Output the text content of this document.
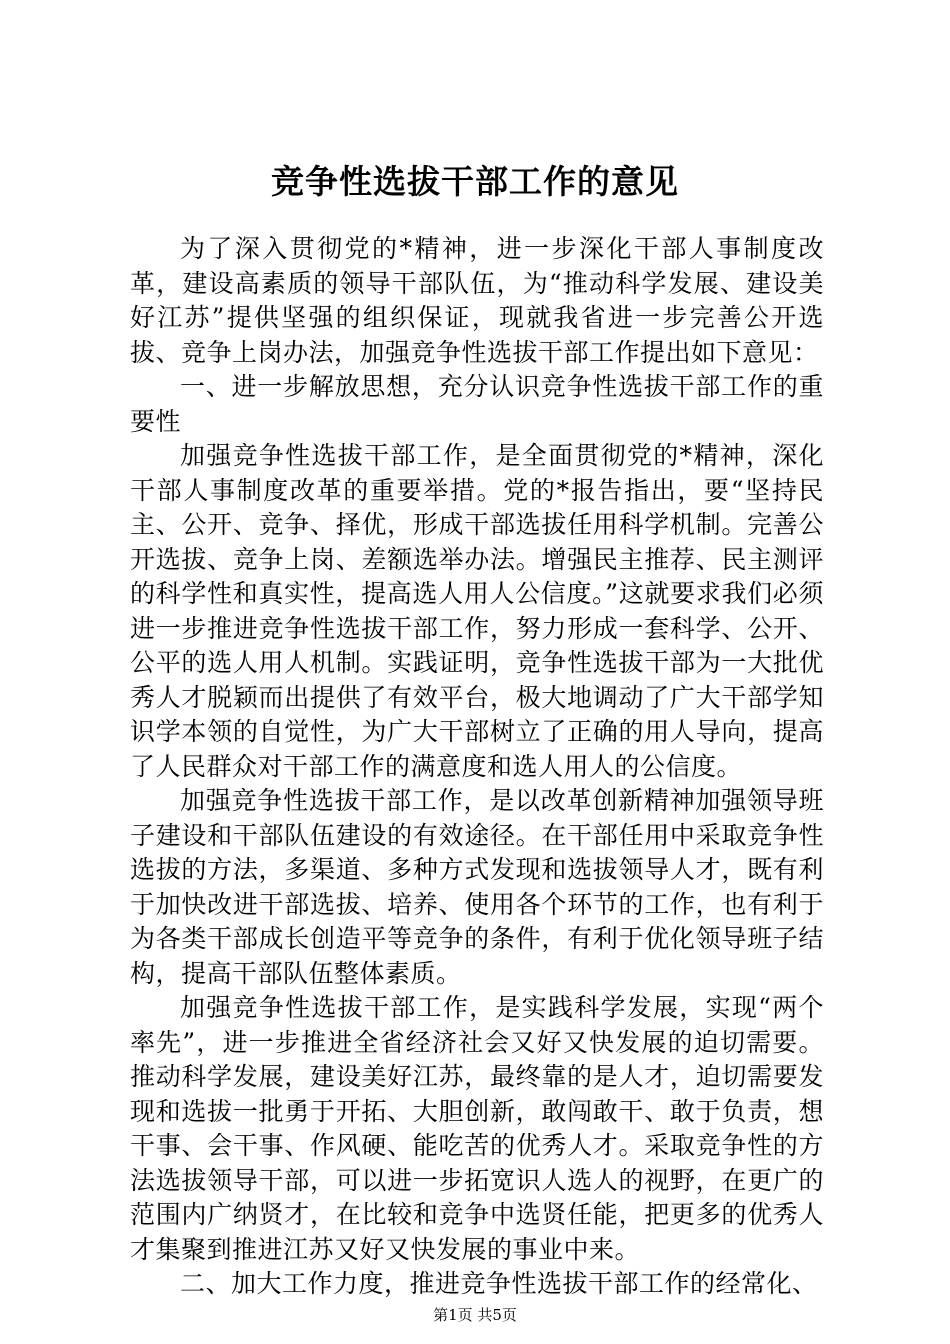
竞争性选拔干部工作的意见

为了深入贯彻党的*精神，进一步深化干部人事制度改革，建设高素质的领导干部队伍，为“推动科学发展、建设美好江苏”提供坚强的组织保证，现就我省进一步完善公开选拔、竞争上岗办法，加强竞争性选拔干部工作提出如下意见：

一、进一步解放思想，充分认识竞争性选拔干部工作的重要性

加强竞争性选拔干部工作，是全面贯彻党的*精神，深化干部人事制度改革的重要举措。党的*报告指出，要“坚持民主、公开、竞争、择优，形成干部选拔任用科学机制。完善公开选拔、竞争上岗、差额选举办法。增强民主推荐、民主测评的科学性和真实性，提高选人用人公信度。”这就要求我们必须进一步推进竞争性选拔干部工作，努力形成一套科学、公开、公平的选人用人机制。实践证明，竞争性选拔干部为一大批优秀人才脱颖而出提供了有效平台，极大地调动了广大干部学知识学本领的自觉性，为广大干部树立了正确的用人导向，提高了人民群众对干部工作的满意度和选人用人的公信度。

加强竞争性选拔干部工作，是以改革创新精神加强领导班子建设和干部队伍建设的有效途径。在干部任用中采取竞争性选拔的方法，多渠道、多种方式发现和选拔领导人才，既有利于加快改进干部选拔、培养、使用各个环节的工作，也有利于为各类干部成长创造平等竞争的条件，有利于优化领导班子结构，提高干部队伍整体素质。

加强竞争性选拔干部工作，是实践科学发展，实现“两个率先”，进一步推进全省经济社会又好又快发展的迫切需要。推动科学发展，建设美好江苏，最终靠的是人才，迫切需要发现和选拔一批勇于开拓、大胆创新，敢闯敢干、敢于负责，想干事、会干事、作风硬、能吃苦的优秀人才。采取竞争性的方法选拔领导干部，可以进一步拓宽识人选人的视野，在更广的范围内广纳贤才，在比较和竞争中选贤任能，把更多的优秀人才集聚到推进江苏又好又快发展的事业中来。

二、加大工作力度，推进竞争性选拔干部工作的经常化、

第1页 共5页
